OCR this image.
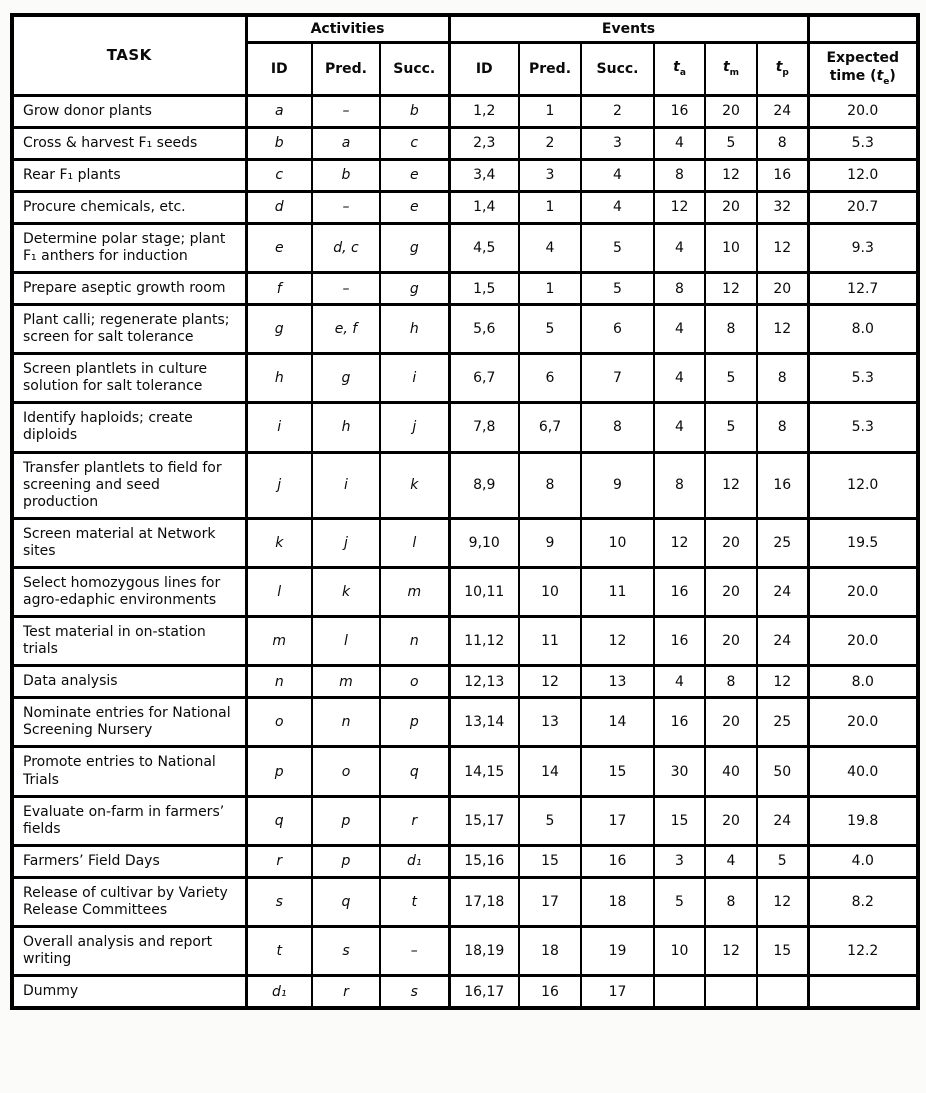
TASK	Activities			Events						
	ID	Pred.	Succ.	ID	Pred.	Succ.	$t_a$	$t_m$	$t_p$	Expected
time $(t_e)$
Grow donor plants	a	–	b	1,2	1	2	16	20	24	20.0
Cross & harvest F₁ seeds	b	a	c	2,3	2	3	4	5	8	5.3
Rear F₁ plants	c	b	e	3,4	3	4	8	12	16	12.0
Procure chemicals, etc.	d	–	e	1,4	1	4	12	20	32	20.7
Determine polar stage; plant F₁ anthers for induction	e	d, c	g	4,5	4	5	4	10	12	9.3
Prepare aseptic growth room	f	–	g	1,5	1	5	8	12	20	12.7
Plant calli; regenerate plants; screen for salt tolerance	g	e, f	h	5,6	5	6	4	8	12	8.0
Screen plantlets in culture solution for salt tolerance	h	g	i	6,7	6	7	4	5	8	5.3
Identify haploids; create diploids	i	h	j	7,8	6,7	8	4	5	8	5.3
Transfer plantlets to field for screening and seed production	j	i	k	8,9	8	9	8	12	16	12.0
Screen material at Network sites	k	j	l	9,10	9	10	12	20	25	19.5
Select homozygous lines for agro-edaphic environments	l	k	m	10,11	10	11	16	20	24	20.0
Test material in on-station trials	m	l	n	11,12	11	12	16	20	24	20.0
Data analysis	n	m	o	12,13	12	13	4	8	12	8.0
Nominate entries for National Screening Nursery	o	n	p	13,14	13	14	16	20	25	20.0
Promote entries to National Trials	p	o	q	14,15	14	15	30	40	50	40.0
Evaluate on-farm in farmers’ fields	q	p	r	15,17	5	17	15	20	24	19.8
Farmers’ Field Days	r	p	d₁	15,16	15	16	3	4	5	4.0
Release of cultivar by Variety Release Committees	s	q	t	17,18	17	18	5	8	12	8.2
Overall analysis and report writing	t	s	–	18,19	18	19	10	12	15	12.2
Dummy	d₁	r	s	16,17	16	17				
